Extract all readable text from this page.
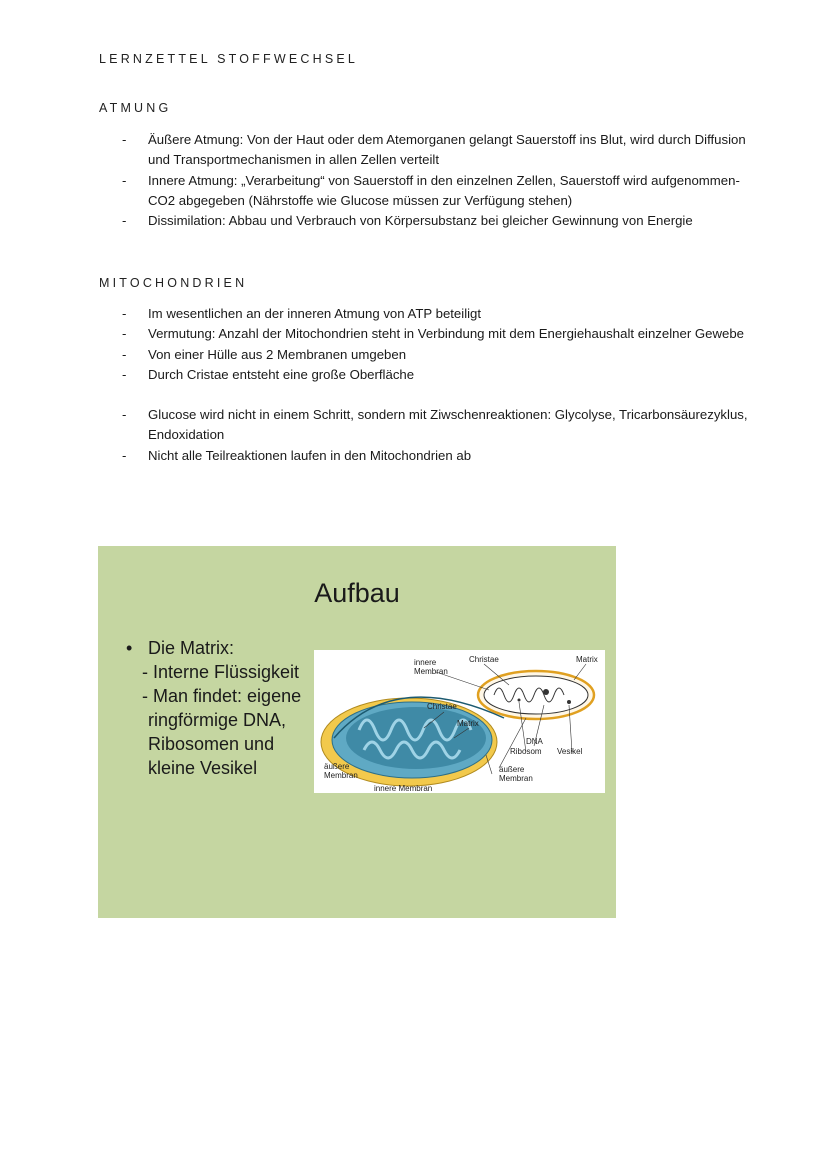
LERNZETTEL STOFFWECHSEL
ATMUNG
- Äußere Atmung: Von der Haut oder dem Atemorganen gelangt Sauerstoff ins Blut, wird durch Diffusion und Transportmechanismen in allen Zellen verteilt
- Innere Atmung: „Verarbeitung“ von Sauerstoff in den einzelnen Zellen, Sauerstoff wird aufgenommen- CO2 abgegeben (Nährstoffe wie Glucose müssen zur Verfügung stehen)
- Dissimilation: Abbau und Verbrauch von Körpersubstanz bei gleicher Gewinnung von Energie
MITOCHONDRIEN
- Im wesentlichen an der inneren Atmung von ATP beteiligt
- Vermutung: Anzahl der Mitochondrien steht in Verbindung mit dem Energiehaushalt einzelner Gewebe
- Von einer Hülle aus 2 Membranen umgeben
- Durch Cristae entsteht eine große Oberfläche
- Glucose wird nicht in einem Schritt, sondern mit Ziwschenreaktionen: Glycolyse, Tricarbonsäurezyklus, Endoxidation
- Nicht alle Teilreaktionen laufen in den Mitochondrien ab
Aufbau
• Die Matrix:
- Interne Flüssigkeit
- Man findet: eigene
ringförmige DNA,
Ribosomen und
kleine Vesikel
innere
Membran
Christae	Matrix
Christae
Matrix
DNA
Ribosom Vesikel
äußere
Membran
äußere
Membran
innere Membran
